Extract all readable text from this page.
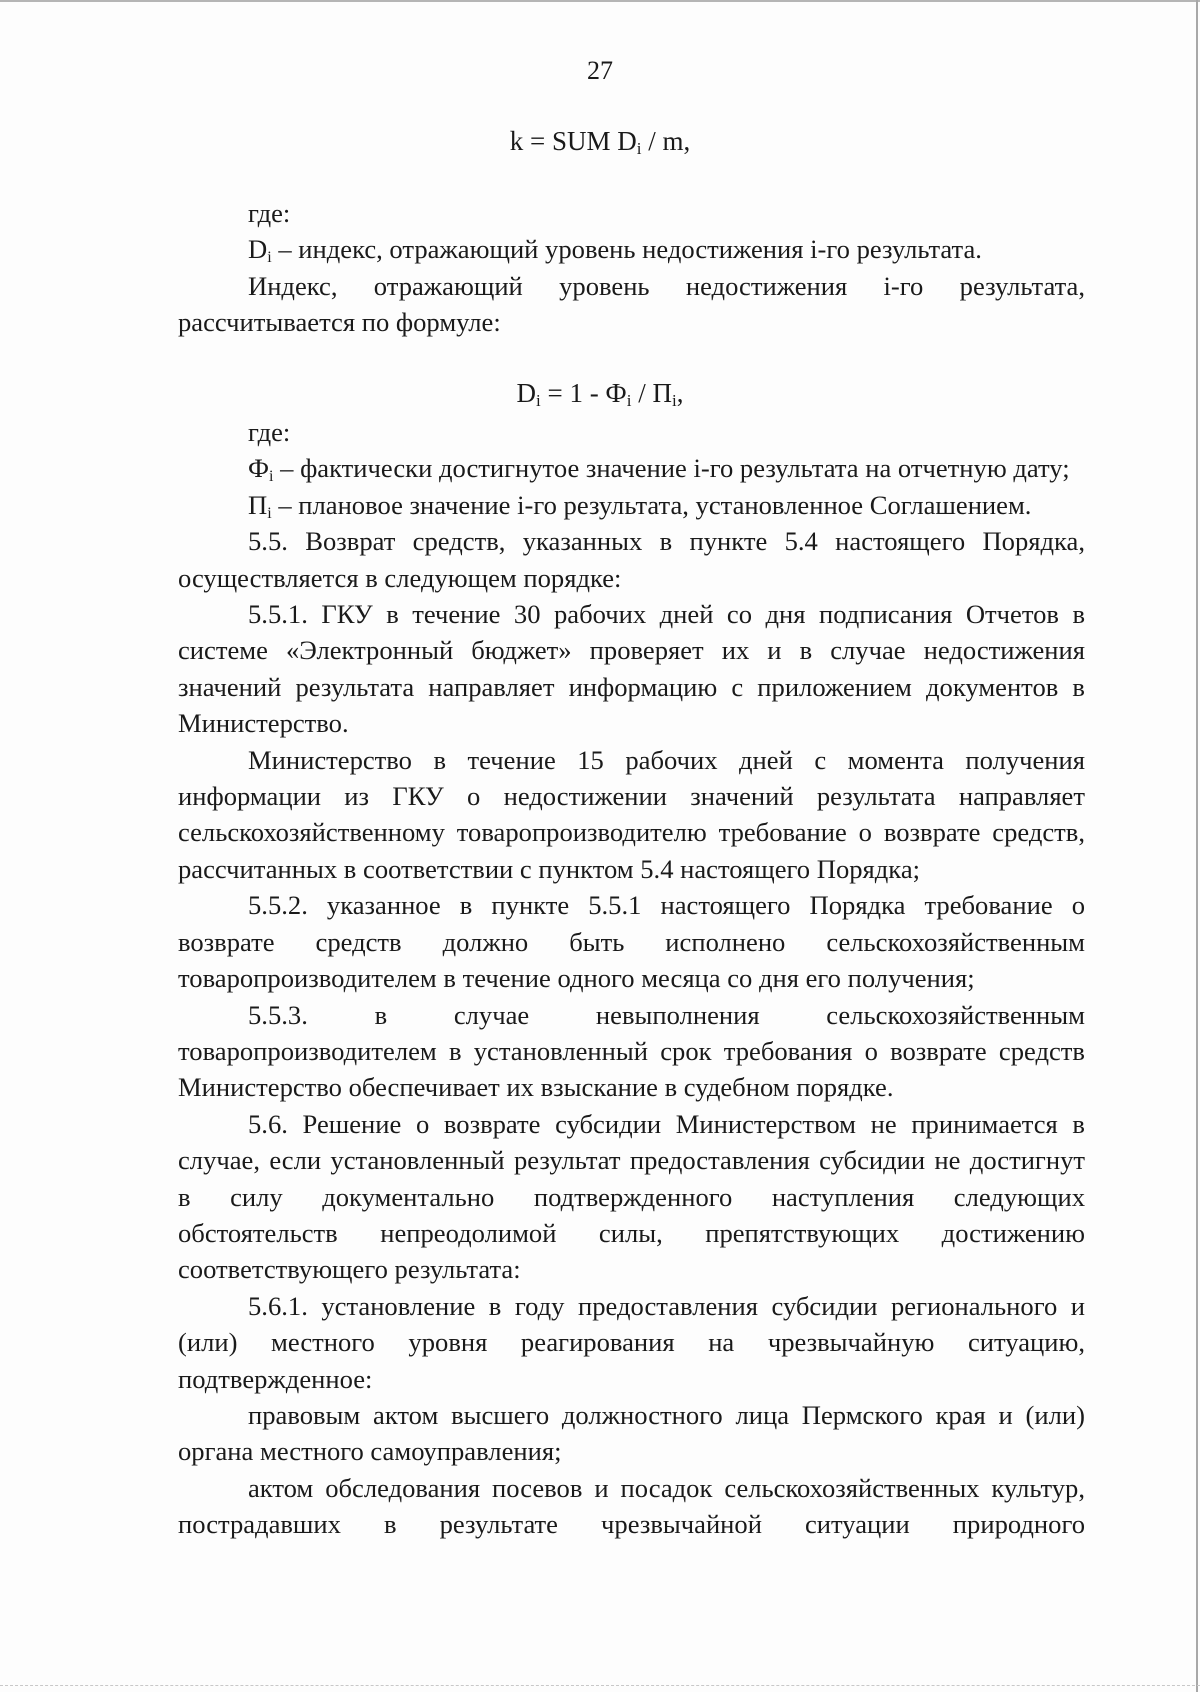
27
k = SUM $D_i$ / m,

где:

$D_i$ – индекс, отражающий уровень недостижения i-го результата.

Индекс, отражающий уровень недостижения i-го результата, рассчитывается по формуле:

$D_i = 1 - Ф_i / П_i$,

где:

$Ф_i$ – фактически достигнутое значение i-го результата на отчетную дату;

$П_i$ – плановое значение i-го результата, установленное Соглашением.

5.5. Возврат средств, указанных в пункте 5.4 настоящего Порядка, осуществляется в следующем порядке:

5.5.1. ГКУ в течение 30 рабочих дней со дня подписания Отчетов в системе «Электронный бюджет» проверяет их и в случае недостижения значений результата направляет информацию с приложением документов в Министерство.

Министерство в течение 15 рабочих дней с момента получения информации из ГКУ о недостижении значений результата направляет сельскохозяйственному товаропроизводителю требование о возврате средств, рассчитанных в соответствии с пунктом 5.4 настоящего Порядка;

5.5.2. указанное в пункте 5.5.1 настоящего Порядка требование о возврате средств должно быть исполнено сельскохозяйственным товаропроизводителем в течение одного месяца со дня его получения;

5.5.3. в случае невыполнения сельскохозяйственным товаропроизводителем в установленный срок требования о возврате средств Министерство обеспечивает их взыскание в судебном порядке.

5.6. Решение о возврате субсидии Министерством не принимается в случае, если установленный результат предоставления субсидии не достигнут в силу документально подтвержденного наступления следующих обстоятельств непреодолимой силы, препятствующих достижению соответствующего результата:

5.6.1. установление в году предоставления субсидии регионального и (или) местного уровня реагирования на чрезвычайную ситуацию, подтвержденное:

правовым актом высшего должностного лица Пермского края и (или) органа местного самоуправления;

актом обследования посевов и посадок сельскохозяйственных культур, пострадавших в результате чрезвычайной ситуации природного
